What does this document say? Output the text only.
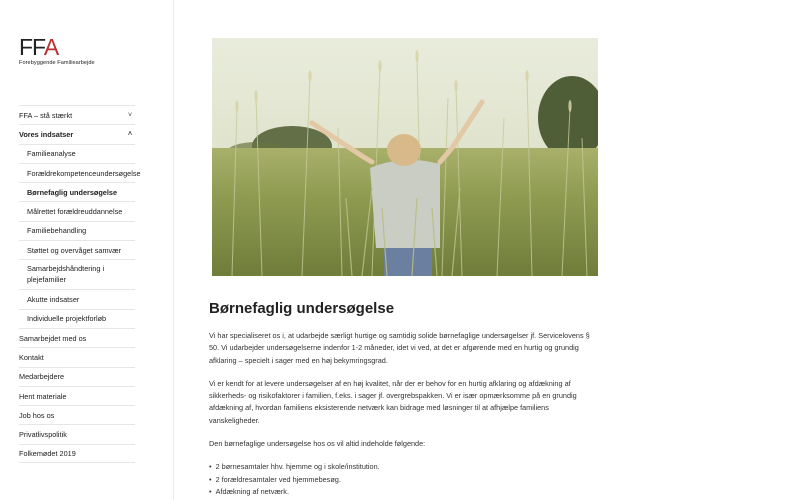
FFA
Forebyggende Familiearbejde
FFA – stå stærkt	˅
Vores indsatser	˄
Familieanalyse
Forældrekompetenceundersøgelse
Børnefaglig undersøgelse
Målrettet forældreuddannelse
Familiebehandling
Støttet og overvåget samvær
Samarbejdshåndtering i plejefamilier
Akutte indsatser
Individuelle projektforløb
Samarbejdet med os
Kontakt
Medarbejdere
Hent materiale
Job hos os
Privatlivspolitik
Folkemødet 2019
Børnefaglig undersøgelse

Vi har specialiseret os i, at udarbejde særligt hurtige og samtidig solide børnefaglige undersøgelser jf. Servicelovens § 50. Vi udarbejder undersøgelserne indenfor 1-2 måneder, idet vi ved, at det er afgørende med en hurtig og grundig afklaring – specielt i sager med en høj bekymringsgrad.

Vi er kendt for at levere undersøgelser af en høj kvalitet, når der er behov for en hurtig afklaring og afdækning af sikkerheds- og risikofaktorer i familien, f.eks. i sager jf. overgrebspakken. Vi er især opmærksomme på en grundig afdækning af, hvordan familiens eksisterende netværk kan bidrage med løsninger til at afhjælpe familiens vanskeligheder.

Den børnefaglige undersøgelse hos os vil altid indeholde følgende:

• 2 børnesamtaler hhv. hjemme og i skole/institution.
• 2 forældresamtaler ved hjemmebesøg.
• Afdækning af netværk.
